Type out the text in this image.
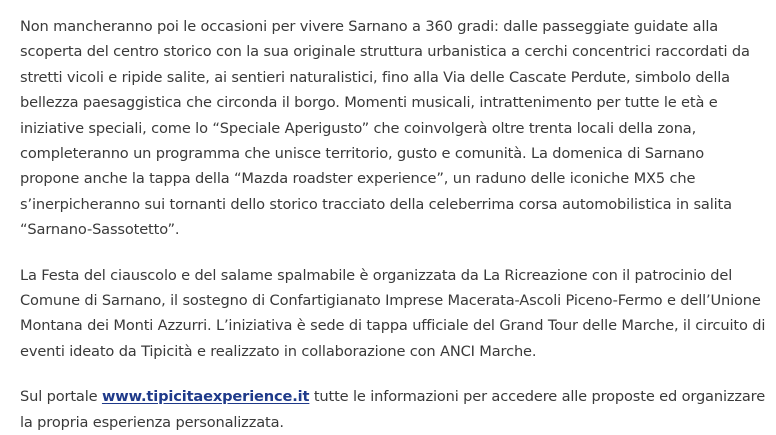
Non mancheranno poi le occasioni per vivere Sarnano a 360 gradi: dalle passeggiate guidate alla scoperta del centro storico con la sua originale struttura urbanistica a cerchi concentrici raccordati da stretti vicoli e ripide salite, ai sentieri naturalistici, fino alla Via delle Cascate Perdute, simbolo della bellezza paesaggistica che circonda il borgo. Momenti musicali, intrattenimento per tutte le età e iniziative speciali, come lo “Speciale Aperigusto” che coinvolgerà oltre trenta locali della zona, completeranno un programma che unisce territorio, gusto e comunità. La domenica di Sarnano propone anche la tappa della “Mazda roadster experience”, un raduno delle iconiche MX5 che s’inerpicheranno sui tornanti dello storico tracciato della celeberrima corsa automobilistica in salita “Sarnano-Sassotetto”.

La Festa del ciauscolo e del salame spalmabile è organizzata da La Ricreazione con il patrocinio del Comune di Sarnano, il sostegno di Confartigianato Imprese Macerata-Ascoli Piceno-Fermo e dell’Unione Montana dei Monti Azzurri. L’iniziativa è sede di tappa ufficiale del Grand Tour delle Marche, il circuito di eventi ideato da Tipicità e realizzato in collaborazione con ANCI Marche.

Sul portale www.tipicitaexperience.it tutte le informazioni per accedere alle proposte ed organizzare la propria esperienza personalizzata.
